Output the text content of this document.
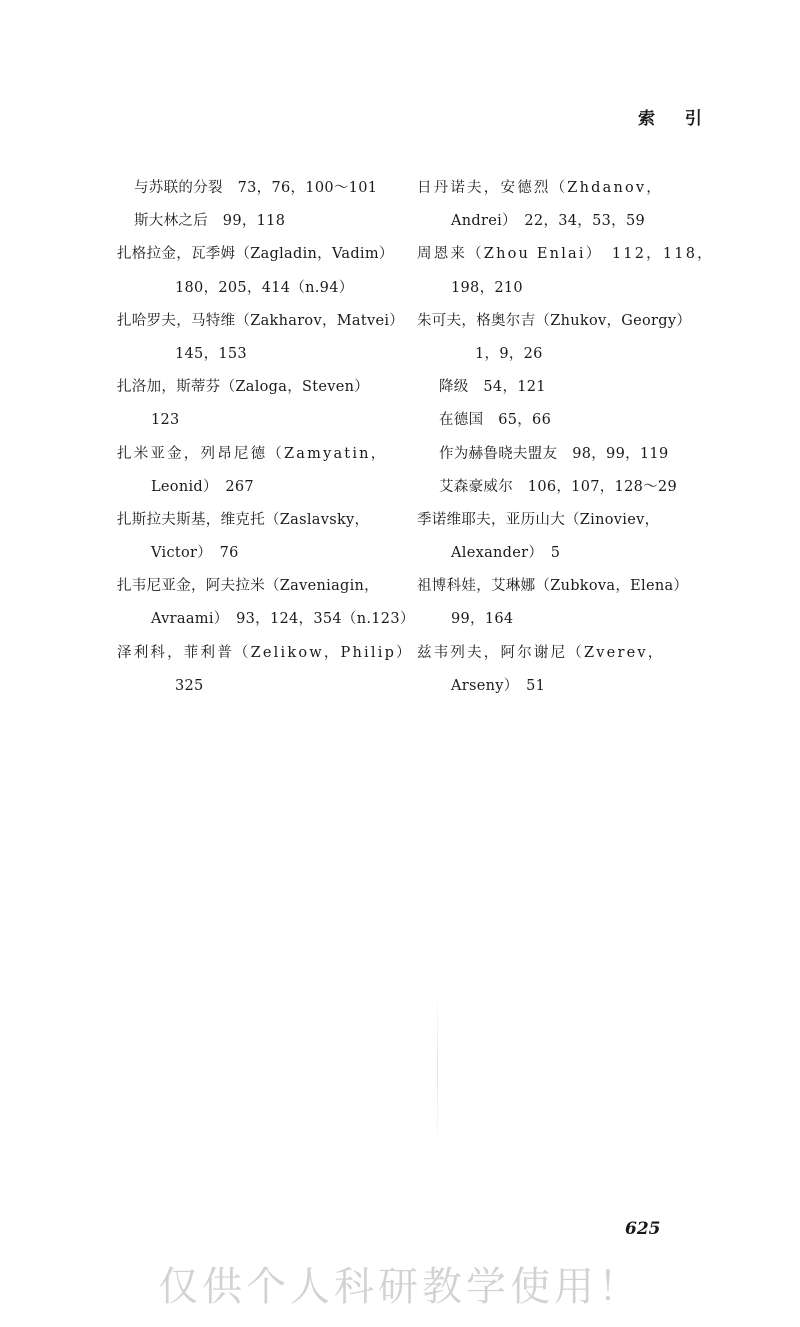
索 引
与苏联的分裂　73，76，100～101
斯大林之后　99，118
扎格拉金，瓦季姆（Zagladin，Vadim）
180，205，414（n.94）
扎哈罗夫，马特维（Zakharov，Matvei）
145，153
扎洛加，斯蒂芬（Zaloga，Steven）
123
扎米亚金，列昂尼德（Zamyatin，
Leonid）　267
扎斯拉夫斯基，维克托（Zaslavsky，
Victor）　76
扎韦尼亚金，阿夫拉米（Zaveniagin，
Avraami）　93，124，354（n.123）
泽利科，菲利普（Zelikow，Philip）
325
日丹诺夫，安德烈（Zhdanov，
Andrei）　22，34，53，59
周恩来（Zhou Enlai）　112，118，
198，210
朱可夫，格奥尔吉（Zhukov，Georgy）
1，9，26
降级　54，121
在德国　65，66
作为赫鲁晓夫盟友　98，99，119
艾森豪威尔　106，107，128～29
季诺维耶夫，亚历山大（Zinoviev，
Alexander）　5
祖博科娃，艾琳娜（Zubkova，Elena）
99，164
兹韦列夫，阿尔谢尼（Zverev，
Arseny）　51
625
仅供个人科研教学使用！
